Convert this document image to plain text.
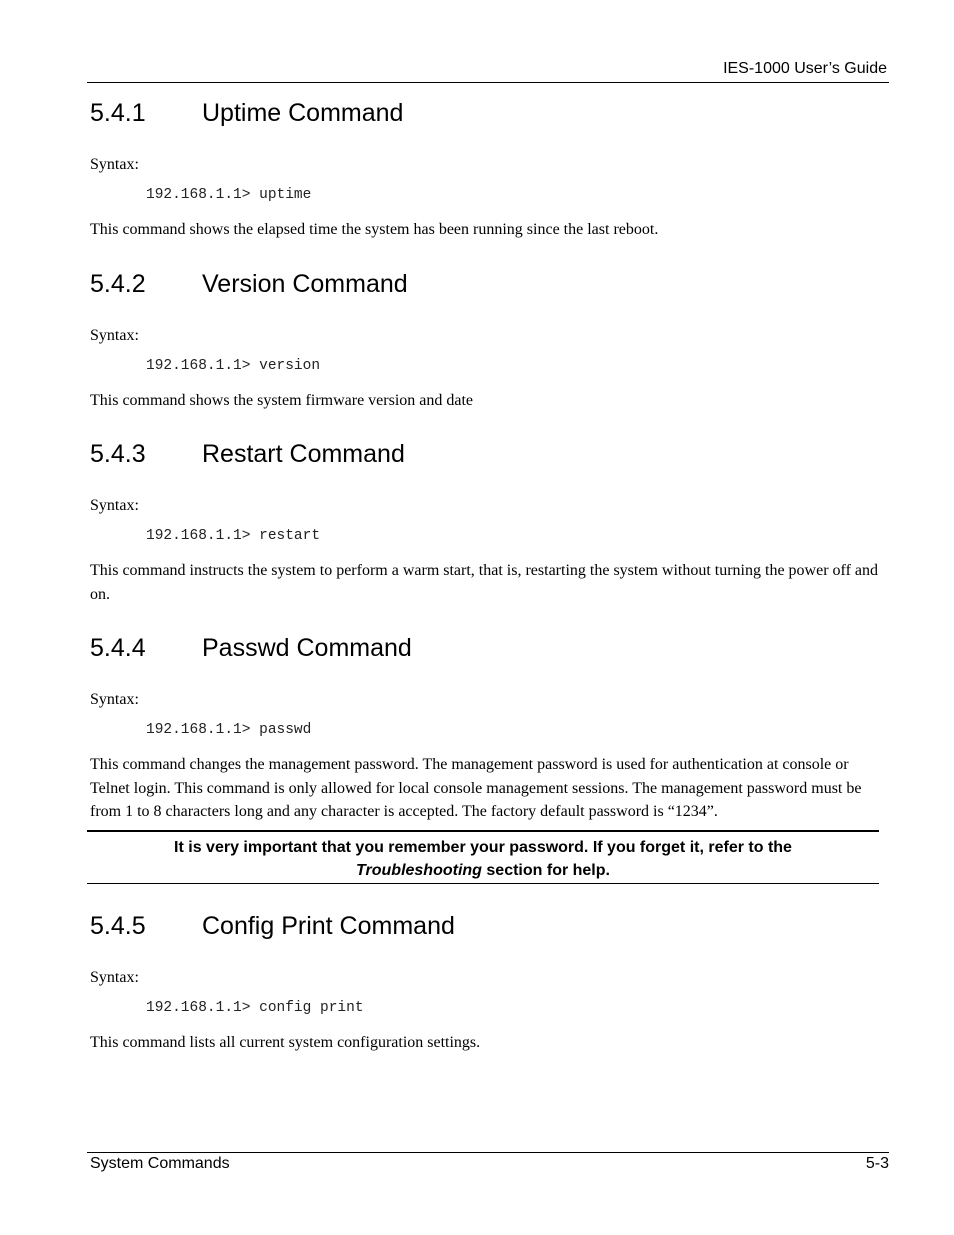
IES-1000 User’s Guide
5.4.1	Uptime Command
Syntax:
192.168.1.1> uptime

This command shows the elapsed time the system has been running since the last reboot.

5.4.2	Version Command
Syntax:
192.168.1.1> version

This command shows the system firmware version and date

5.4.3	Restart Command
Syntax:
192.168.1.1> restart

This command instructs the system to perform a warm start, that is, restarting the system without turning the power off and on.

5.4.4	Passwd Command
Syntax:
192.168.1.1> passwd

This command changes the management password. The management password is used for authentication at console or Telnet login. This command is only allowed for local console management sessions. The management password must be from 1 to 8 characters long and any character is accepted. The factory default password is “1234”.

It is very important that you remember your password. If you forget it, refer to the
Troubleshooting section for help.
5.4.5	Config Print Command
Syntax:
192.168.1.1> config print

This command lists all current system configuration settings.

System Commands	5-3
